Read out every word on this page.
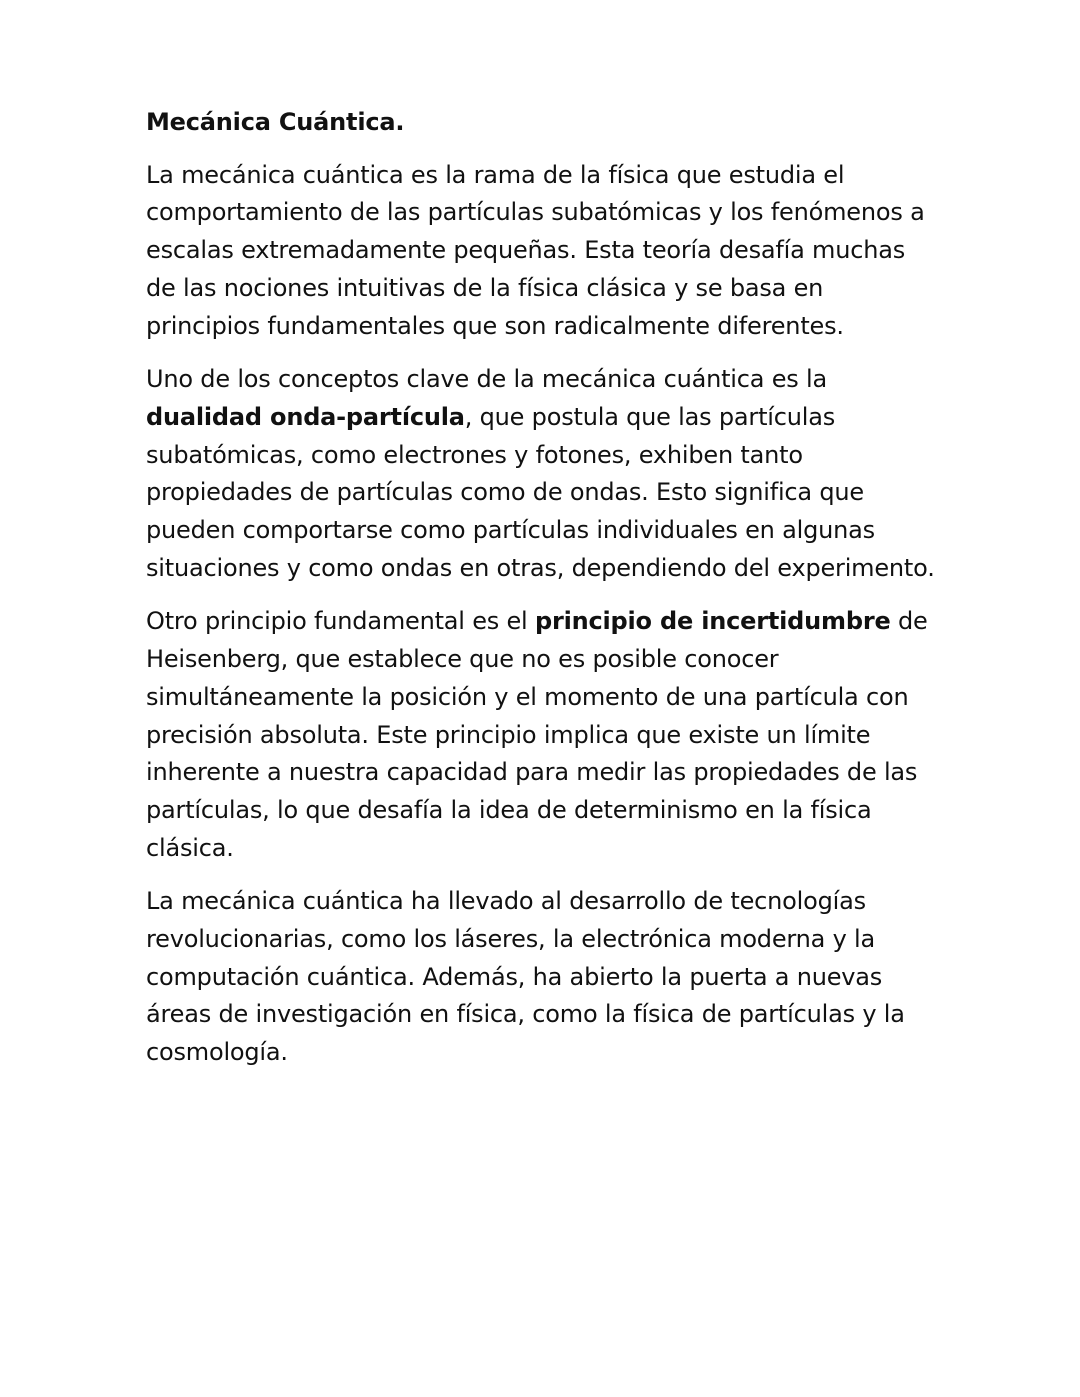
Mecánica Cuántica.

La mecánica cuántica es la rama de la física que estudia el comportamiento de las partículas subatómicas y los fenómenos a escalas extremadamente pequeñas. Esta teoría desafía muchas de las nociones intuitivas de la física clásica y se basa en principios fundamentales que son radicalmente diferentes.

Uno de los conceptos clave de la mecánica cuántica es la dualidad onda-partícula, que postula que las partículas subatómicas, como electrones y fotones, exhiben tanto propiedades de partículas como de ondas. Esto significa que pueden comportarse como partículas individuales en algunas situaciones y como ondas en otras, dependiendo del experimento.

Otro principio fundamental es el principio de incertidumbre de Heisenberg, que establece que no es posible conocer simultáneamente la posición y el momento de una partícula con precisión absoluta. Este principio implica que existe un límite inherente a nuestra capacidad para medir las propiedades de las partículas, lo que desafía la idea de determinismo en la física clásica.

La mecánica cuántica ha llevado al desarrollo de tecnologías revolucionarias, como los láseres, la electrónica moderna y la computación cuántica. Además, ha abierto la puerta a nuevas áreas de investigación en física, como la física de partículas y la cosmología.
